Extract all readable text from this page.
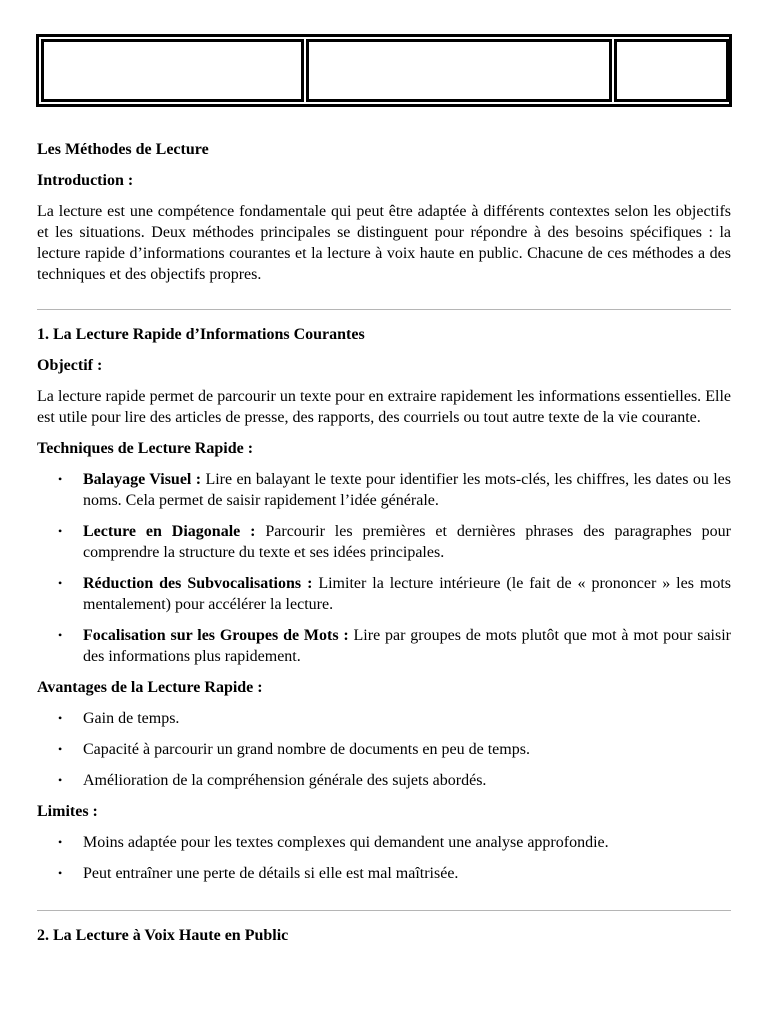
Les Méthodes de Lecture

Introduction :

La lecture est une compétence fondamentale qui peut être adaptée à différents contextes selon les objectifs et les situations. Deux méthodes principales se distinguent pour répondre à des besoins spécifiques : la lecture rapide d’informations courantes et la lecture à voix haute en public. Chacune de ces méthodes a des techniques et des objectifs propres.

1. La Lecture Rapide d’Informations Courantes

Objectif :

La lecture rapide permet de parcourir un texte pour en extraire rapidement les informations essentielles. Elle est utile pour lire des articles de presse, des rapports, des courriels ou tout autre texte de la vie courante.

Techniques de Lecture Rapide :

• Balayage Visuel : Lire en balayant le texte pour identifier les mots-clés, les chiffres, les dates ou les noms. Cela permet de saisir rapidement l’idée générale.
• Lecture en Diagonale : Parcourir les premières et dernières phrases des paragraphes pour comprendre la structure du texte et ses idées principales.
• Réduction des Subvocalisations : Limiter la lecture intérieure (le fait de « prononcer » les mots mentalement) pour accélérer la lecture.
• Focalisation sur les Groupes de Mots : Lire par groupes de mots plutôt que mot à mot pour saisir des informations plus rapidement.

Avantages de la Lecture Rapide :

• Gain de temps.
• Capacité à parcourir un grand nombre de documents en peu de temps.
• Amélioration de la compréhension générale des sujets abordés.

Limites :

• Moins adaptée pour les textes complexes qui demandent une analyse approfondie.
• Peut entraîner une perte de détails si elle est mal maîtrisée.

2. La Lecture à Voix Haute en Public
